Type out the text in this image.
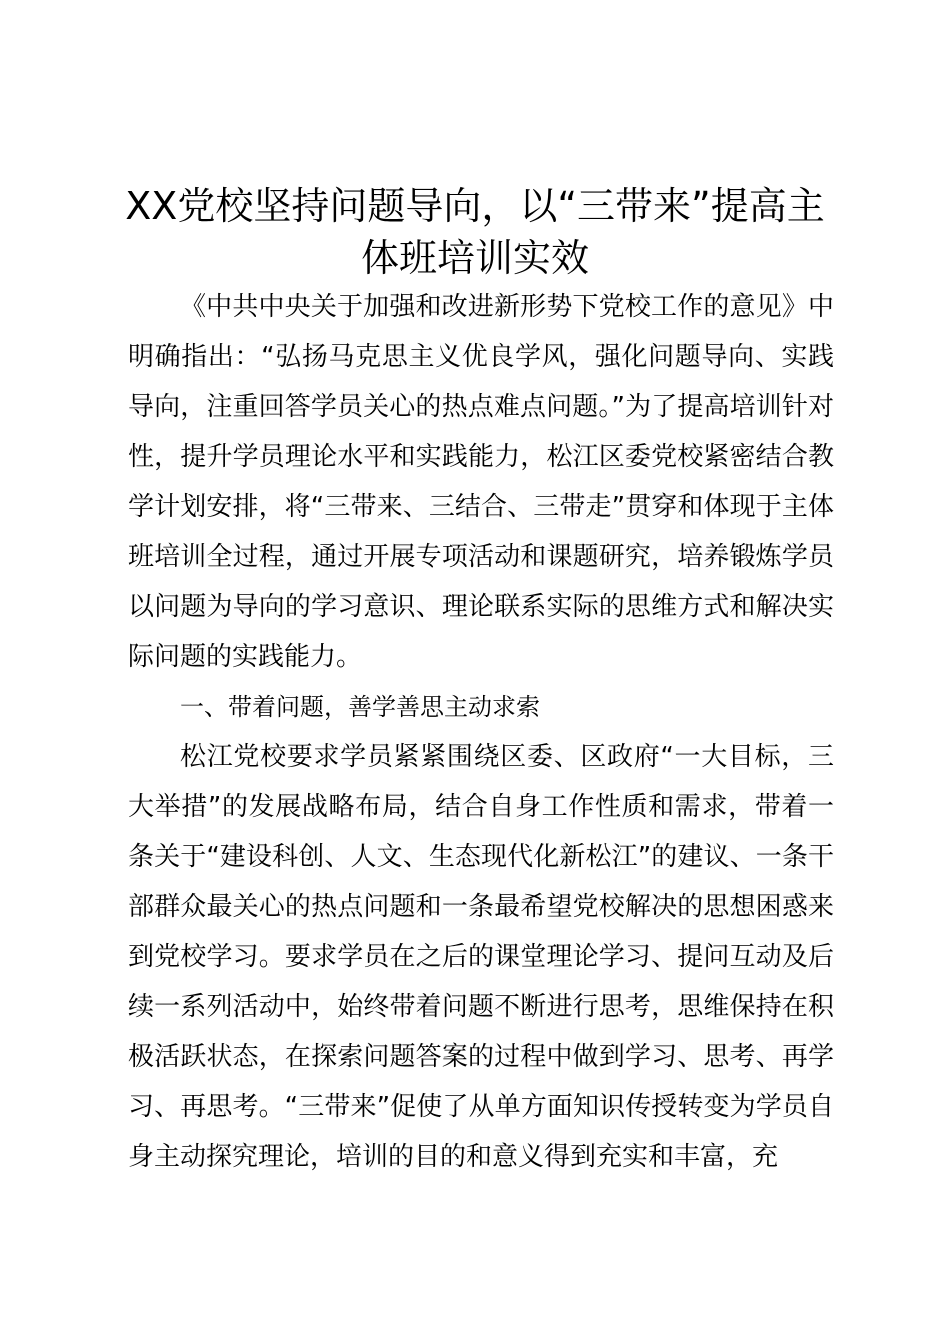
XX党校坚持问题导向，以“三带来”提高主体班培训实效

《中共中央关于加强和改进新形势下党校工作的意见》中明确指出：“弘扬马克思主义优良学风，强化问题导向、实践导向，注重回答学员关心的热点难点问题。”为了提高培训针对性，提升学员理论水平和实践能力，松江区委党校紧密结合教学计划安排，将“三带来、三结合、三带走”贯穿和体现于主体班培训全过程，通过开展专项活动和课题研究，培养锻炼学员以问题为导向的学习意识、理论联系实际的思维方式和解决实际问题的实践能力。

一、带着问题，善学善思主动求索

松江党校要求学员紧紧围绕区委、区政府“一大目标，三大举措”的发展战略布局，结合自身工作性质和需求，带着一条关于“建设科创、人文、生态现代化新松江”的建议、一条干部群众最关心的热点问题和一条最希望党校解决的思想困惑来到党校学习。要求学员在之后的课堂理论学习、提问互动及后续一系列活动中，始终带着问题不断进行思考，思维保持在积极活跃状态，在探索问题答案的过程中做到学习、思考、再学习、再思考。“三带来”促使了从单方面知识传授转变为学员自身主动探究理论，培训的目的和意义得到充实和丰富，充
